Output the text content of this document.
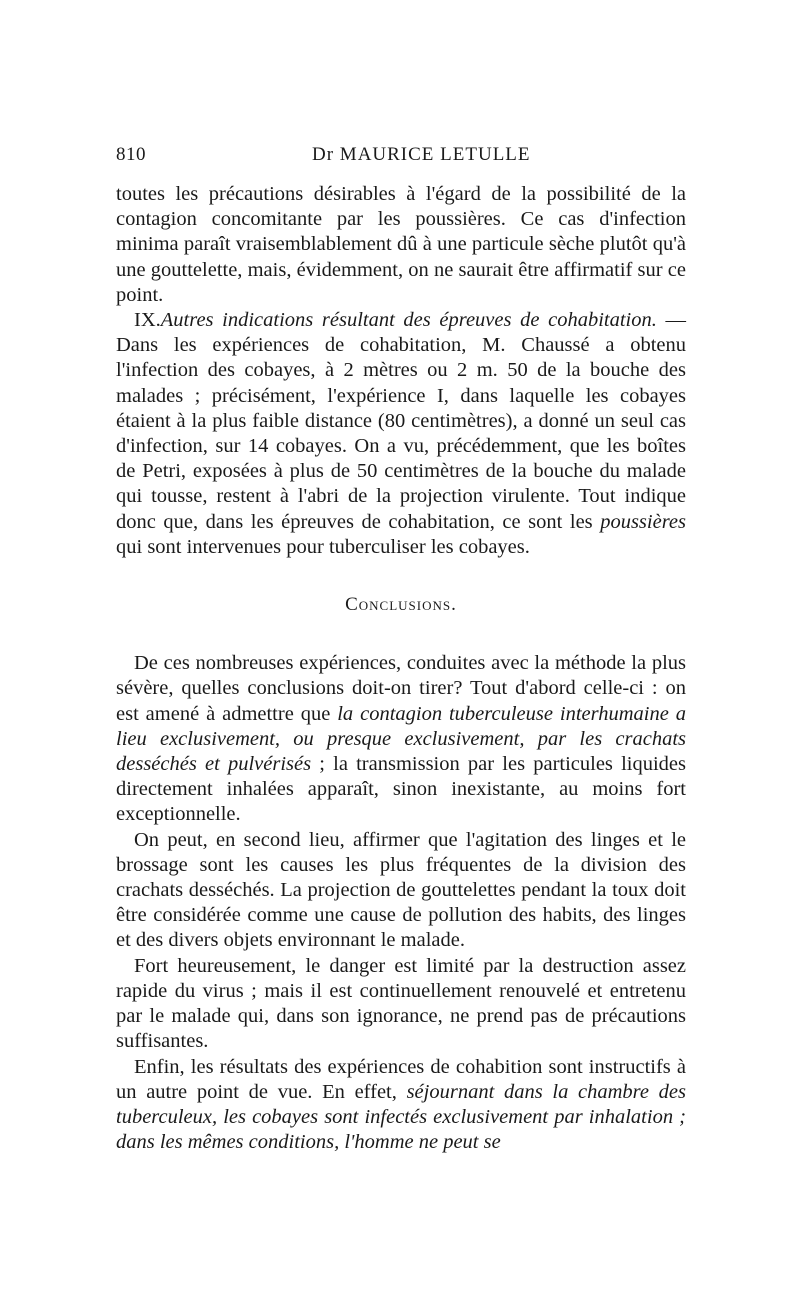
810	Dr MAURICE LETULLE

toutes les précautions désirables à l'égard de la possibilité de la contagion concomitante par les poussières. Ce cas d'infection minima paraît vraisemblablement dû à une particule sèche plutôt qu'à une gouttelette, mais, évidemment, on ne saurait être affirmatif sur ce point.

IX.Autres indications résultant des épreuves de cohabitation. — Dans les expériences de cohabitation, M. Chaussé a obtenu l'infection des cobayes, à 2 mètres ou 2 m. 50 de la bouche des malades ; précisément, l'expérience I, dans laquelle les cobayes étaient à la plus faible distance (80 centimètres), a donné un seul cas d'infection, sur 14 cobayes. On a vu, précédemment, que les boîtes de Petri, exposées à plus de 50 centimètres de la bouche du malade qui tousse, restent à l'abri de la projection virulente. Tout indique donc que, dans les épreuves de cohabitation, ce sont les poussières qui sont intervenues pour tuberculiser les cobayes.

Conclusions.

De ces nombreuses expériences, conduites avec la méthode la plus sévère, quelles conclusions doit-on tirer? Tout d'abord celle-ci : on est amené à admettre que la contagion tuberculeuse interhumaine a lieu exclusivement, ou presque exclusivement, par les crachats desséchés et pulvérisés ; la transmission par les particules liquides directement inhalées apparaît, sinon inexistante, au moins fort exceptionnelle.

On peut, en second lieu, affirmer que l'agitation des linges et le brossage sont les causes les plus fréquentes de la division des crachats desséchés. La projection de gouttelettes pendant la toux doit être considérée comme une cause de pollution des habits, des linges et des divers objets environnant le malade.

Fort heureusement, le danger est limité par la destruction assez rapide du virus ; mais il est continuellement renouvelé et entretenu par le malade qui, dans son ignorance, ne prend pas de précautions suffisantes.

Enfin, les résultats des expériences de cohabition sont instructifs à un autre point de vue. En effet, séjournant dans la chambre des tuberculeux, les cobayes sont infectés exclusivement par inhalation ; dans les mêmes conditions, l'homme ne peut se
